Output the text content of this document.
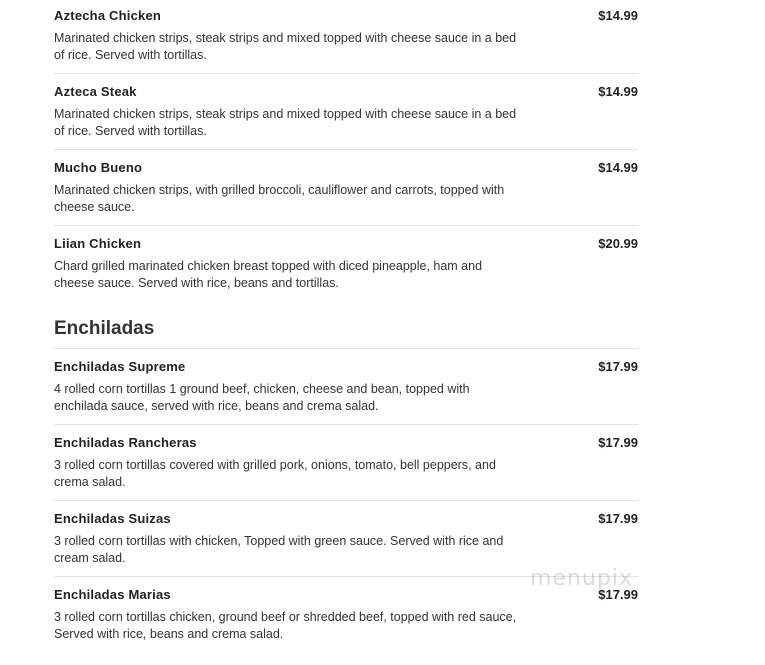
Aztecha Chicken	$14.99
Marinated chicken strips, steak strips and mixed topped with cheese sauce in a bed of rice. Served with tortillas.
Azteca Steak	$14.99
Marinated chicken strips, steak strips and mixed topped with cheese sauce in a bed of rice. Served with tortillas.
Mucho Bueno	$14.99
Marinated chicken strips, with grilled broccoli, cauliflower and carrots, topped with cheese sauce.
Liian Chicken	$20.99
Chard grilled marinated chicken breast topped with diced pineapple, ham and cheese sauce. Served with rice, beans and tortillas.
Enchiladas
Enchiladas Supreme	$17.99
4 rolled corn tortillas 1 ground beef, chicken, cheese and bean, topped with enchilada sauce, served with rice, beans and crema salad.
Enchiladas Rancheras	$17.99
3 rolled corn tortillas covered with grilled pork, onions, tomato, bell peppers, and crema salad.
Enchiladas Suizas	$17.99
3 rolled corn tortillas with chicken, Topped with green sauce. Served with rice and cream salad.
Enchiladas Marias	$17.99
3 rolled corn tortillas chicken, ground beef or shredded beef, topped with red sauce, Served with rice, beans and crema salad.
menupix
